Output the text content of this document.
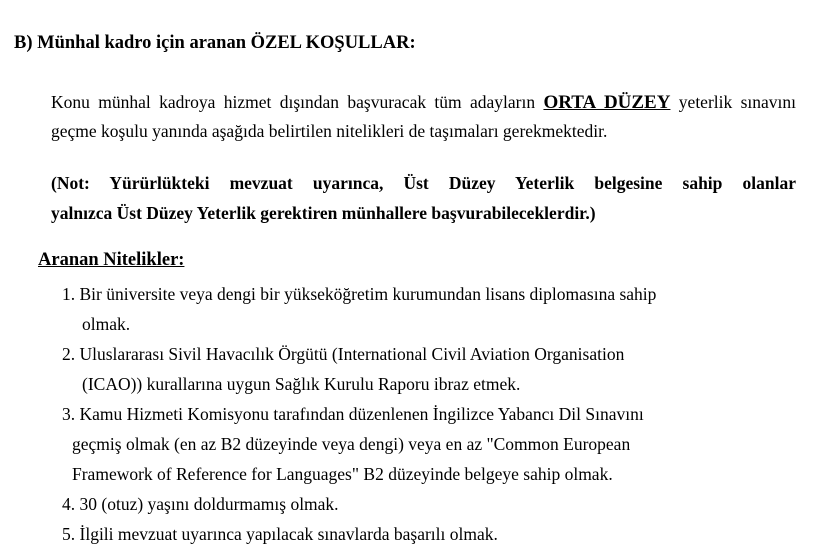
B) Münhal kadro için aranan ÖZEL KOŞULLAR:
Konu münhal kadroya hizmet dışından başvuracak tüm adayların ORTA DÜZEY yeterlik sınavını geçme koşulu yanında aşağıda belirtilen nitelikleri de taşımaları gerekmektedir.
(Not: Yürürlükteki mevzuat uyarınca, Üst Düzey Yeterlik belgesine sahip olanlar
yalnızca Üst Düzey Yeterlik gerektiren münhallere başvurabileceklerdir.)
Aranan Nitelikler:
1. Bir üniversite veya dengi bir yükseköğretim kurumundan lisans diplomasına sahip
olmak.
2. Uluslararası Sivil Havacılık Örgütü (International Civil Aviation Organisation
(ICAO)) kurallarına uygun Sağlık Kurulu Raporu ibraz etmek.
3. Kamu Hizmeti Komisyonu tarafından düzenlenen İngilizce Yabancı Dil Sınavını
geçmiş olmak (en az B2 düzeyinde veya dengi) veya en az "Common European
Framework of Reference for Languages" B2 düzeyinde belgeye sahip olmak.
4. 30 (otuz) yaşını doldurmamış olmak.
5. İlgili mevzuat uyarınca yapılacak sınavlarda başarılı olmak.
